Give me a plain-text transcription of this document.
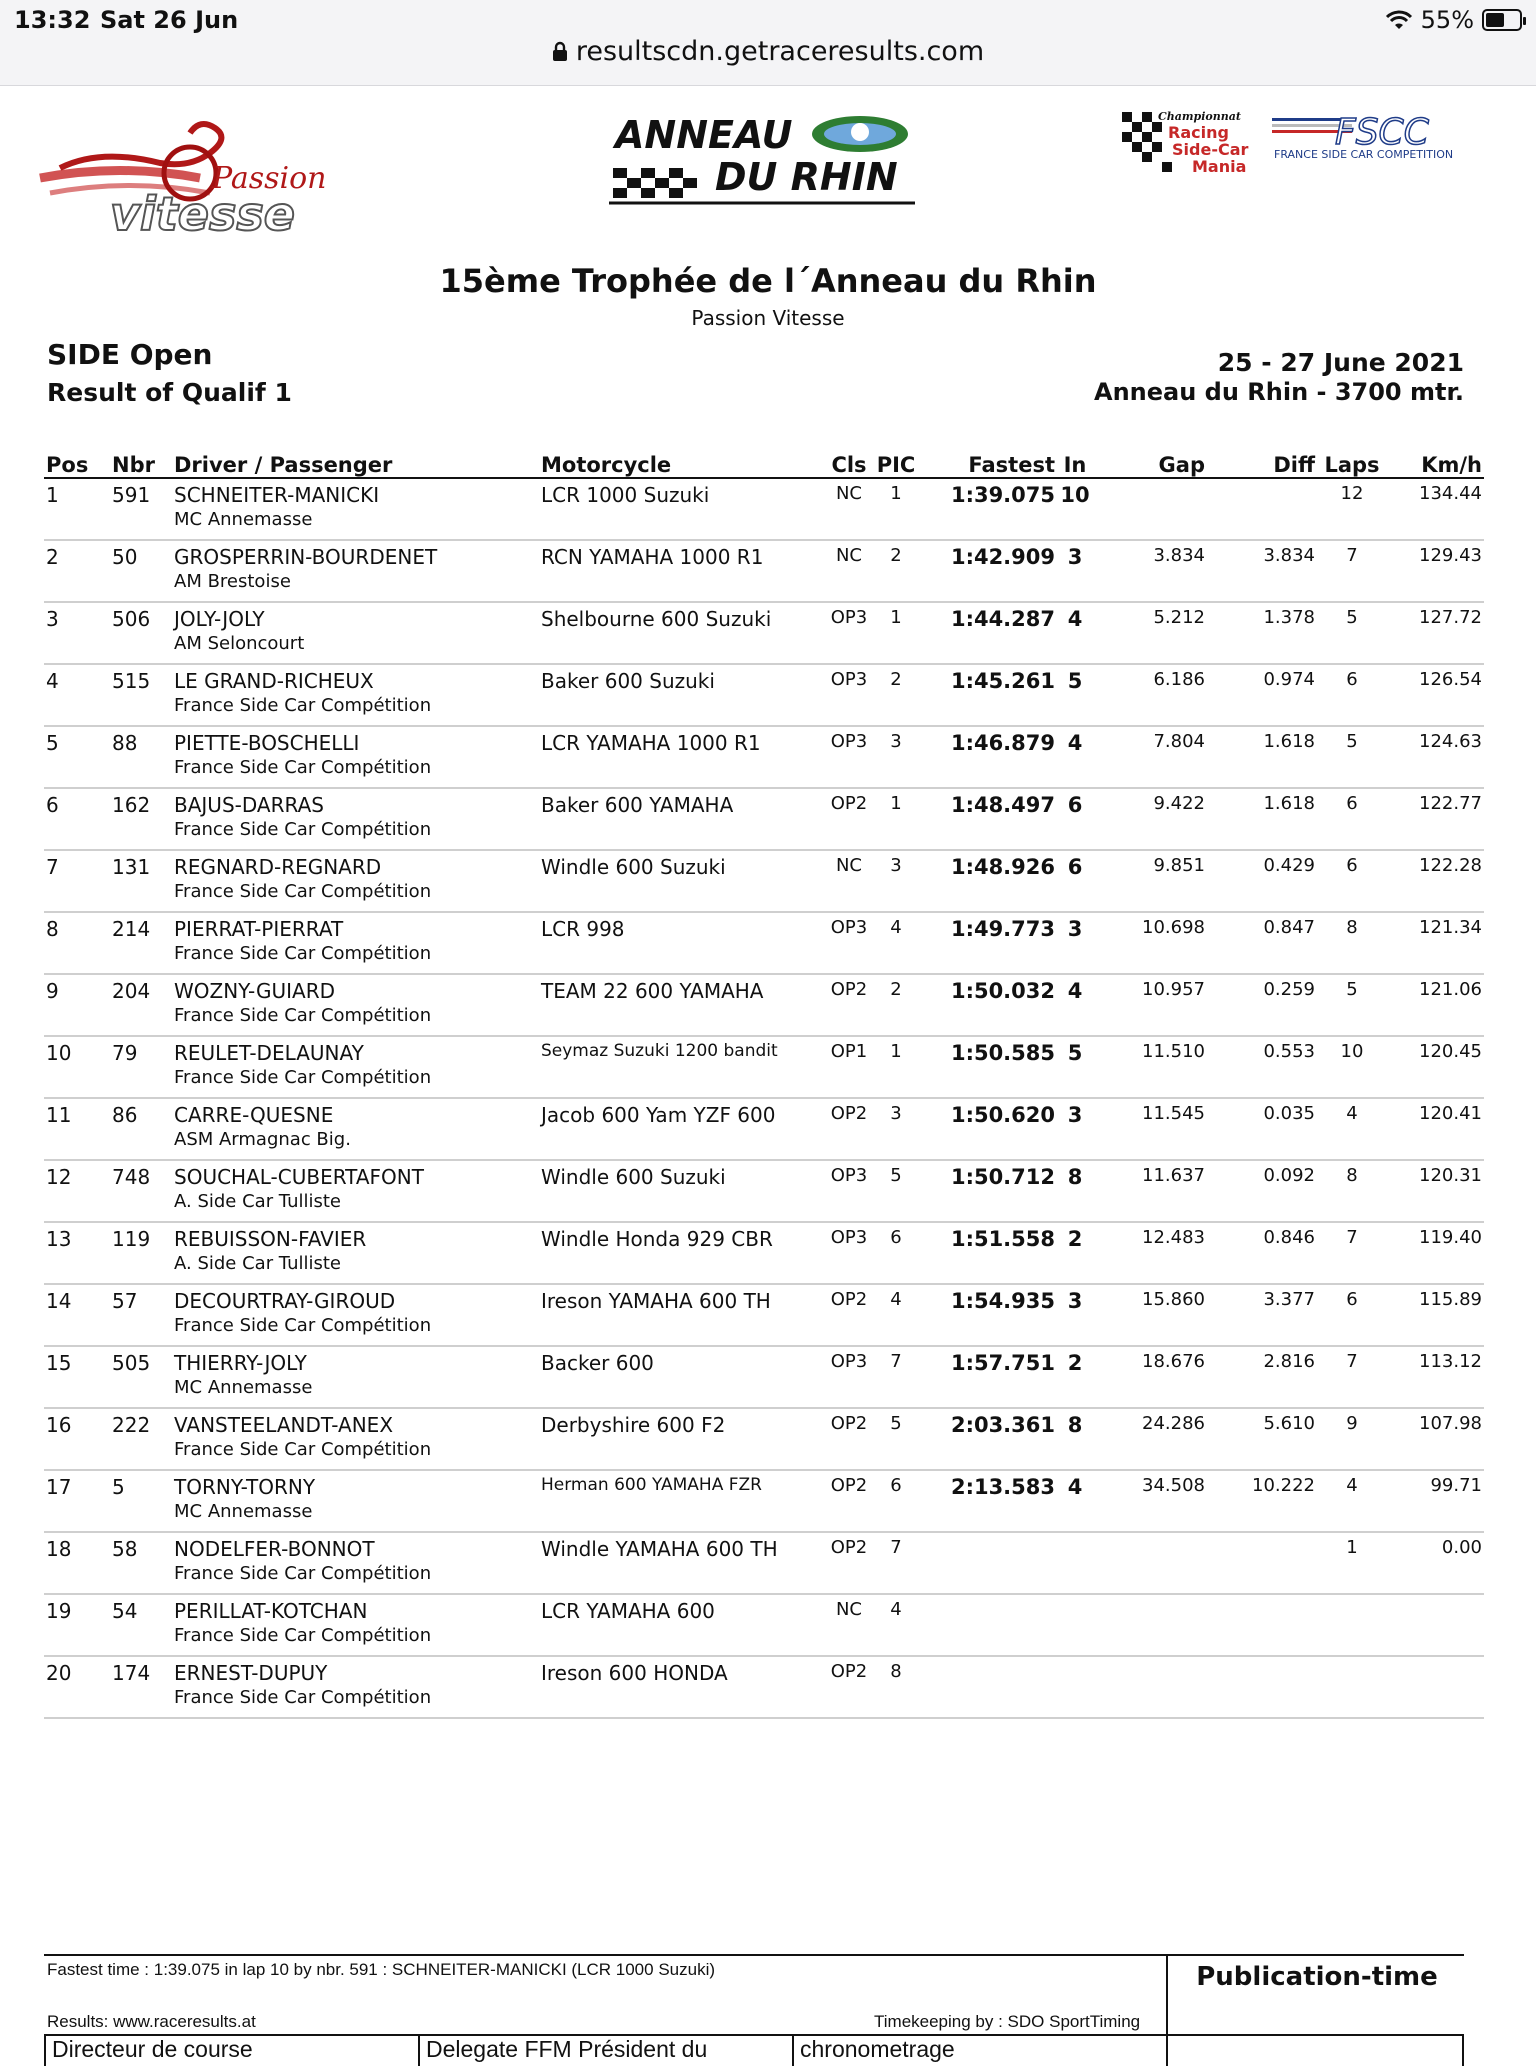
13:32 Sat 26 Jun	55%
resultscdn.getraceresults.com
Passion
vitesse
ANNEAU
DU RHIN
Championnat
Racing
Side-Car
Mania
FSCC
FRANCE SIDE CAR COMPETITION
15ème Trophée de l´Anneau du Rhin
Passion Vitesse
SIDE Open
Result of Qualif 1
25 - 27 June 2021
Anneau du Rhin - 3700 mtr.
Pos	Nbr	Driver / Passenger	Motorcycle	Cls	PIC	Fastest	In	Gap	Diff	Laps	Km/h
1	591	SCHNEITER-MANICKI
MC Annemasse	LCR 1000 Suzuki	NC	1	1:39.075	10			12	134.44
2	50	GROSPERRIN-BOURDENET
AM Brestoise	RCN YAMAHA 1000 R1	NC	2	1:42.909	3	3.834	3.834	7	129.43
3	506	JOLY-JOLY
AM Seloncourt	Shelbourne 600 Suzuki	OP3	1	1:44.287	4	5.212	1.378	5	127.72
4	515	LE GRAND-RICHEUX
France Side Car Compétition	Baker 600 Suzuki	OP3	2	1:45.261	5	6.186	0.974	6	126.54
5	88	PIETTE-BOSCHELLI
France Side Car Compétition	LCR YAMAHA 1000 R1	OP3	3	1:46.879	4	7.804	1.618	5	124.63
6	162	BAJUS-DARRAS
France Side Car Compétition	Baker 600 YAMAHA	OP2	1	1:48.497	6	9.422	1.618	6	122.77
7	131	REGNARD-REGNARD
France Side Car Compétition	Windle 600 Suzuki	NC	3	1:48.926	6	9.851	0.429	6	122.28
8	214	PIERRAT-PIERRAT
France Side Car Compétition	LCR 998	OP3	4	1:49.773	3	10.698	0.847	8	121.34
9	204	WOZNY-GUIARD
France Side Car Compétition	TEAM 22 600 YAMAHA	OP2	2	1:50.032	4	10.957	0.259	5	121.06
10	79	REULET-DELAUNAY
France Side Car Compétition	Seymaz Suzuki 1200 bandit	OP1	1	1:50.585	5	11.510	0.553	10	120.45
11	86	CARRE-QUESNE
ASM Armagnac Big.	Jacob 600 Yam YZF 600	OP2	3	1:50.620	3	11.545	0.035	4	120.41
12	748	SOUCHAL-CUBERTAFONT
A. Side Car Tulliste	Windle 600 Suzuki	OP3	5	1:50.712	8	11.637	0.092	8	120.31
13	119	REBUISSON-FAVIER
A. Side Car Tulliste	Windle Honda 929 CBR	OP3	6	1:51.558	2	12.483	0.846	7	119.40
14	57	DECOURTRAY-GIROUD
France Side Car Compétition	Ireson YAMAHA 600 TH	OP2	4	1:54.935	3	15.860	3.377	6	115.89
15	505	THIERRY-JOLY
MC Annemasse	Backer 600	OP3	7	1:57.751	2	18.676	2.816	7	113.12
16	222	VANSTEELANDT-ANEX
France Side Car Compétition	Derbyshire 600 F2	OP2	5	2:03.361	8	24.286	5.610	9	107.98
17	5	TORNY-TORNY
MC Annemasse	Herman 600 YAMAHA FZR	OP2	6	2:13.583	4	34.508	10.222	4	99.71
18	58	NODELFER-BONNOT
France Side Car Compétition	Windle YAMAHA 600 TH	OP2	7					1	0.00
19	54	PERILLAT-KOTCHAN
France Side Car Compétition	LCR YAMAHA 600	NC	4						
20	174	ERNEST-DUPUY
France Side Car Compétition	Ireson 600 HONDA	OP2	8						
Fastest time : 1:39.075 in lap 10 by nbr. 591 : SCHNEITER-MANICKI (LCR 1000 Suzuki)
Results: www.raceresults.at	Timekeeping by : SDO SportTiming
Publication-time
Directeur de course	Delegate FFM Président du	chronometrage
